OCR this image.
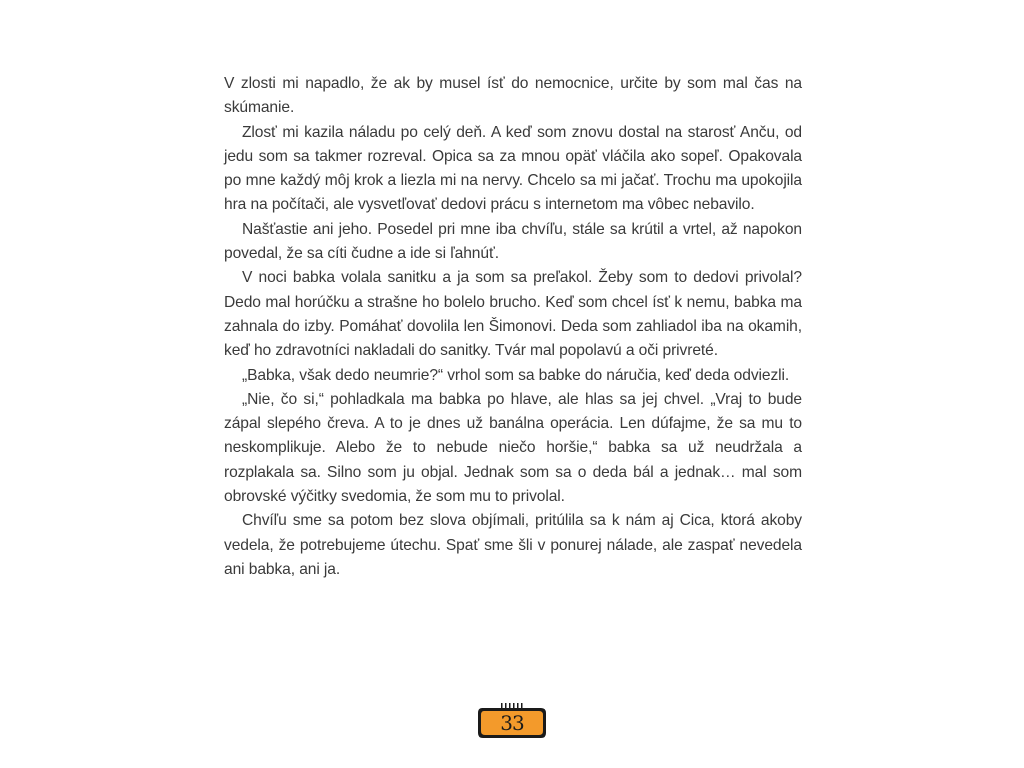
V zlosti mi napadlo, že ak by musel ísť do nemocnice, určite by som mal čas na skúmanie.

Zlosť mi kazila náladu po celý deň. A keď som znovu dostal na starosť Anču, od jedu som sa takmer rozreval. Opica sa za mnou opäť vláčila ako sopeľ. Opakovala po mne každý môj krok a liezla mi na nervy. Chcelo sa mi jačať. Trochu ma upokojila hra na počítači, ale vysvetľovať dedovi prácu s internetom ma vôbec nebavilo.

Našťastie ani jeho. Posedel pri mne iba chvíľu, stále sa krútil a vrtel, až napokon povedal, že sa cíti čudne a ide si ľahnúť.

V noci babka volala sanitku a ja som sa preľakol. Žeby som to dedovi privolal? Dedo mal horúčku a strašne ho bolelo brucho. Keď som chcel ísť k nemu, babka ma zahnala do izby. Pomáhať dovolila len Šimonovi. Deda som zahliadol iba na okamih, keď ho zdravotníci nakladali do sanitky. Tvár mal popolavú a oči privreté.

„Babka, však dedo neumrie?“ vrhol som sa babke do náručia, keď deda odviezli.

„Nie, čo si,“ pohladkala ma babka po hlave, ale hlas sa jej chvel. „Vraj to bude zápal slepého čreva. A to je dnes už banálna operácia. Len dúfajme, že sa mu to neskomplikuje. Alebo že to nebude niečo horšie,“ babka sa už neudržala a rozplakala sa. Silno som ju objal. Jednak som sa o deda bál a jednak… mal som obrovské výčitky svedomia, že som mu to privolal.

Chvíľu sme sa potom bez slova objímali, pritúlila sa k nám aj Cica, ktorá akoby vedela, že potrebujeme útechu. Spať sme šli v ponurej nálade, ale zaspať nevedela ani babka, ani ja.

33
